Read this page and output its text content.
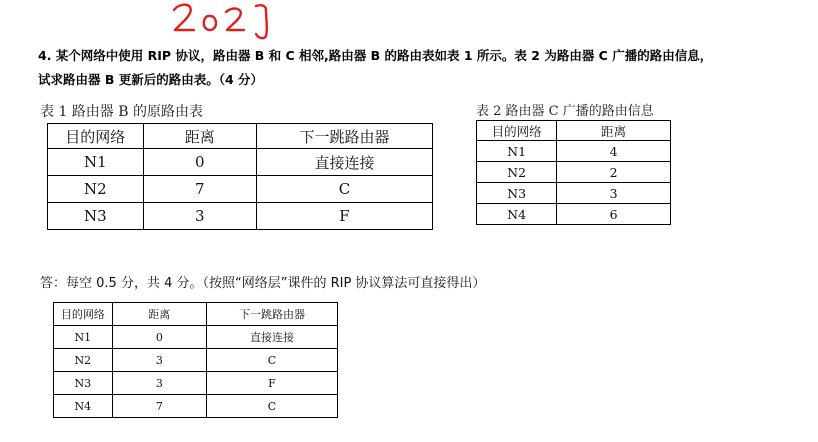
4. 某个网络中使用 RIP 协议，路由器 B 和 C 相邻,路由器 B 的路由表如表 1 所示。表 2 为路由器 C 广播的路由信息，
试求路由器 B 更新后的路由表。（4 分）
表 1 路由器 B 的原路由表
目的网络	距离	下一跳路由器
N1	0	直接连接
N2	7	C
N3	3	F
表 2 路由器 C 广播的路由信息
目的网络	距离
N1	4
N2	2
N3	3
N4	6
答：每空 0.5 分，共 4 分。（按照“网络层”课件的 RIP 协议算法可直接得出）
目的网络	距离	下一跳路由器
N1	0	直接连接
N2	3	C
N3	3	F
N4	7	C
